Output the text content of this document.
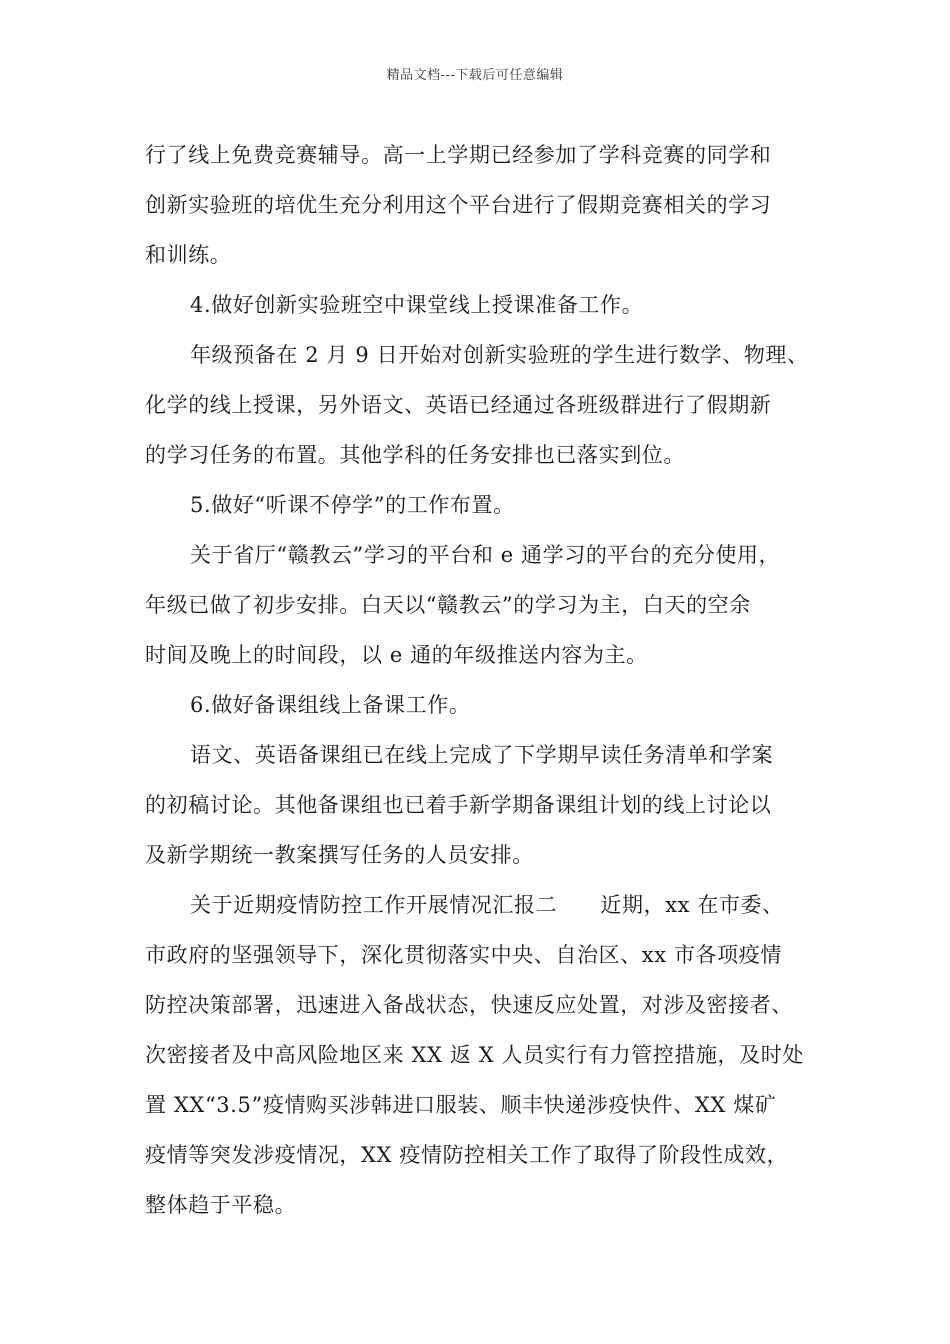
精品文档---下载后可任意编辑
行了线上免费竞赛辅导。高一上学期已经参加了学科竞赛的同学和
创新实验班的培优生充分利用这个平台进行了假期竞赛相关的学习
和训练。
4.做好创新实验班空中课堂线上授课准备工作。
年级预备在 2 月 9 日开始对创新实验班的学生进行数学、物理、
化学的线上授课，另外语文、英语已经通过各班级群进行了假期新
的学习任务的布置。其他学科的任务安排也已落实到位。
5.做好“听课不停学”的工作布置。
关于省厅“赣教云”学习的平台和 e 通学习的平台的充分使用，
年级已做了初步安排。白天以“赣教云”的学习为主，白天的空余
时间及晚上的时间段，以 e 通的年级推送内容为主。
6.做好备课组线上备课工作。
语文、英语备课组已在线上完成了下学期早读任务清单和学案
的初稿讨论。其他备课组也已着手新学期备课组计划的线上讨论以
及新学期统一教案撰写任务的人员安排。
关于近期疫情防控工作开展情况汇报二　　近期，xx 在市委、
市政府的坚强领导下，深化贯彻落实中央、自治区、xx 市各项疫情
防控决策部署，迅速进入备战状态，快速反应处置，对涉及密接者、
次密接者及中高风险地区来 XX 返 X 人员实行有力管控措施，及时处
置 XX“3.5”疫情购买涉韩进口服装、顺丰快递涉疫快件、XX 煤矿
疫情等突发涉疫情况，XX 疫情防控相关工作了取得了阶段性成效，
整体趋于平稳。
